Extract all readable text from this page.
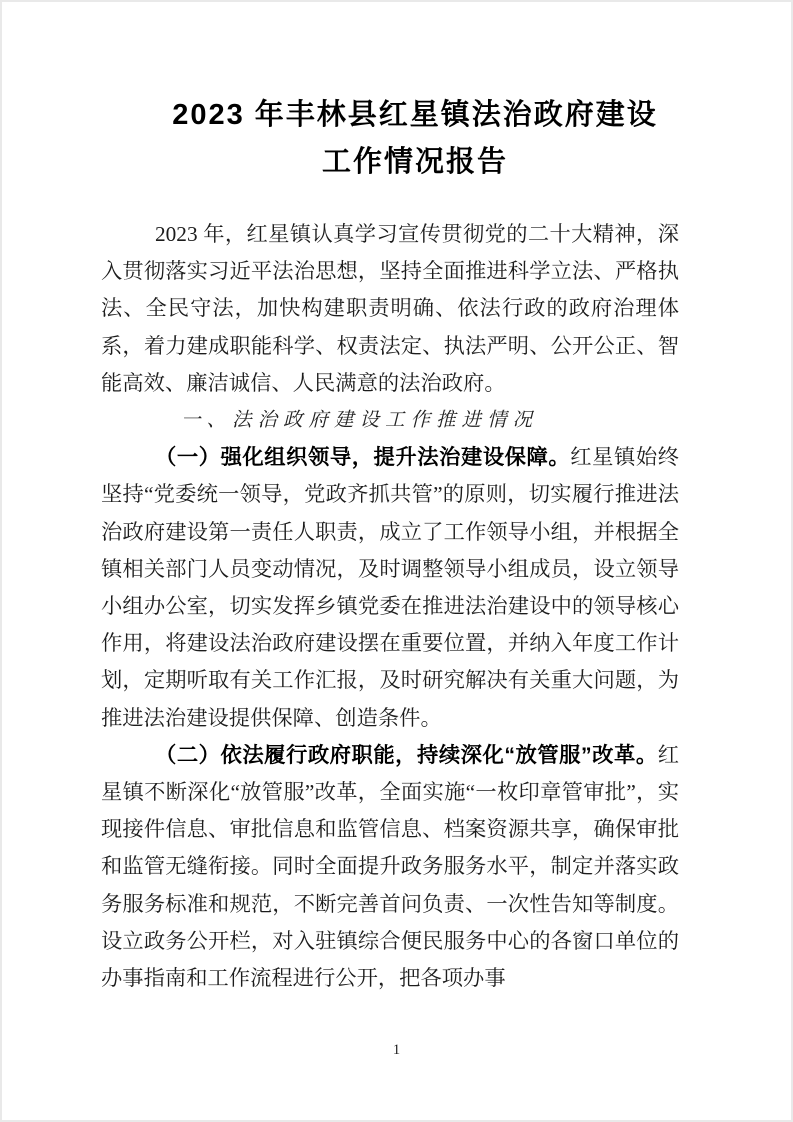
2023 年丰林县红星镇法治政府建设
工作情况报告

2023 年，红星镇认真学习宣传贯彻党的二十大精神，深入贯彻落实习近平法治思想，坚持全面推进科学立法、严格执法、全民守法，加快构建职责明确、依法行政的政府治理体系，着力建成职能科学、权责法定、执法严明、公开公正、智能高效、廉洁诚信、人民满意的法治政府。

一、法治政府建设工作推进情况

（一）强化组织领导，提升法治建设保障。红星镇始终坚持“党委统一领导，党政齐抓共管”的原则，切实履行推进法治政府建设第一责任人职责，成立了工作领导小组，并根据全镇相关部门人员变动情况，及时调整领导小组成员，设立领导小组办公室，切实发挥乡镇党委在推进法治建设中的领导核心作用，将建设法治政府建设摆在重要位置，并纳入年度工作计划，定期听取有关工作汇报，及时研究解决有关重大问题，为推进法治建设提供保障、创造条件。

（二）依法履行政府职能，持续深化“放管服”改革。红星镇不断深化“放管服”改革，全面实施“一枚印章管审批”，实现接件信息、审批信息和监管信息、档案资源共享，确保审批和监管无缝衔接。同时全面提升政务服务水平，制定并落实政务服务标准和规范，不断完善首问负责、一次性告知等制度。设立政务公开栏，对入驻镇综合便民服务中心的各窗口单位的办事指南和工作流程进行公开，把各项办事

1
